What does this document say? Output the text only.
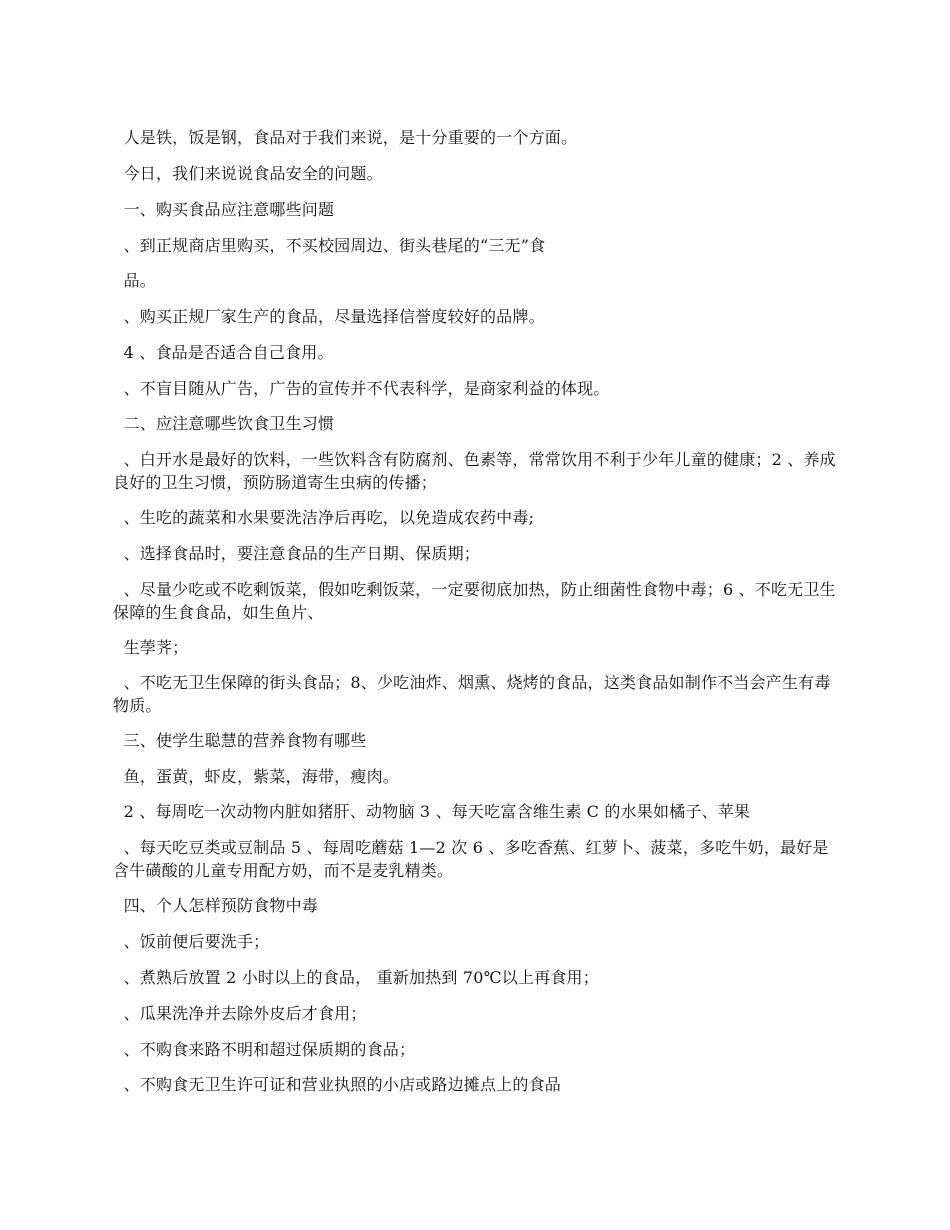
人是铁，饭是钢，食品对于我们来说，是十分重要的一个方面。
今日，我们来说说食品安全的问题。
一、购买食品应注意哪些问题
、到正规商店里购买，不买校园周边、街头巷尾的“三无”食
品。
、购买正规厂家生产的食品，尽量选择信誉度较好的品牌。
4 、食品是否适合自己食用。
、不盲目随从广告，广告的宣传并不代表科学，是商家利益的体现。
二、应注意哪些饮食卫生习惯
、白开水是最好的饮料，一些饮料含有防腐剂、色素等，常常饮用不利于少年儿童的健康；2 、养成良好的卫生习惯，预防肠道寄生虫病的传播；
、生吃的蔬菜和水果要洗洁净后再吃，以免造成农药中毒;
、选择食品时，要注意食品的生产日期、保质期；
、尽量少吃或不吃剩饭菜，假如吃剩饭菜，一定要彻底加热，防止细菌性食物中毒；6 、不吃无卫生保障的生食食品，如生鱼片、
生荸荠；
、不吃无卫生保障的街头食品；8、少吃油炸、烟熏、烧烤的食品，这类食品如制作不当会产生有毒物质。
三、使学生聪慧的营养食物有哪些
鱼，蛋黄，虾皮，紫菜，海带，瘦肉。
2 、每周吃一次动物内脏如猪肝、动物脑 3 、每天吃富含维生素 C 的水果如橘子、苹果
、每天吃豆类或豆制品 5 、每周吃蘑菇 1—2 次 6 、多吃香蕉、红萝卜、菠菜，多吃牛奶，最好是含牛磺酸的儿童专用配方奶，而不是麦乳精类。
四、个人怎样预防食物中毒
、饭前便后要洗手；
、煮熟后放置 2 小时以上的食品， 重新加热到 70℃以上再食用；
、瓜果洗净并去除外皮后才食用；
、不购食来路不明和超过保质期的食品；
、不购食无卫生许可证和营业执照的小店或路边摊点上的食品
